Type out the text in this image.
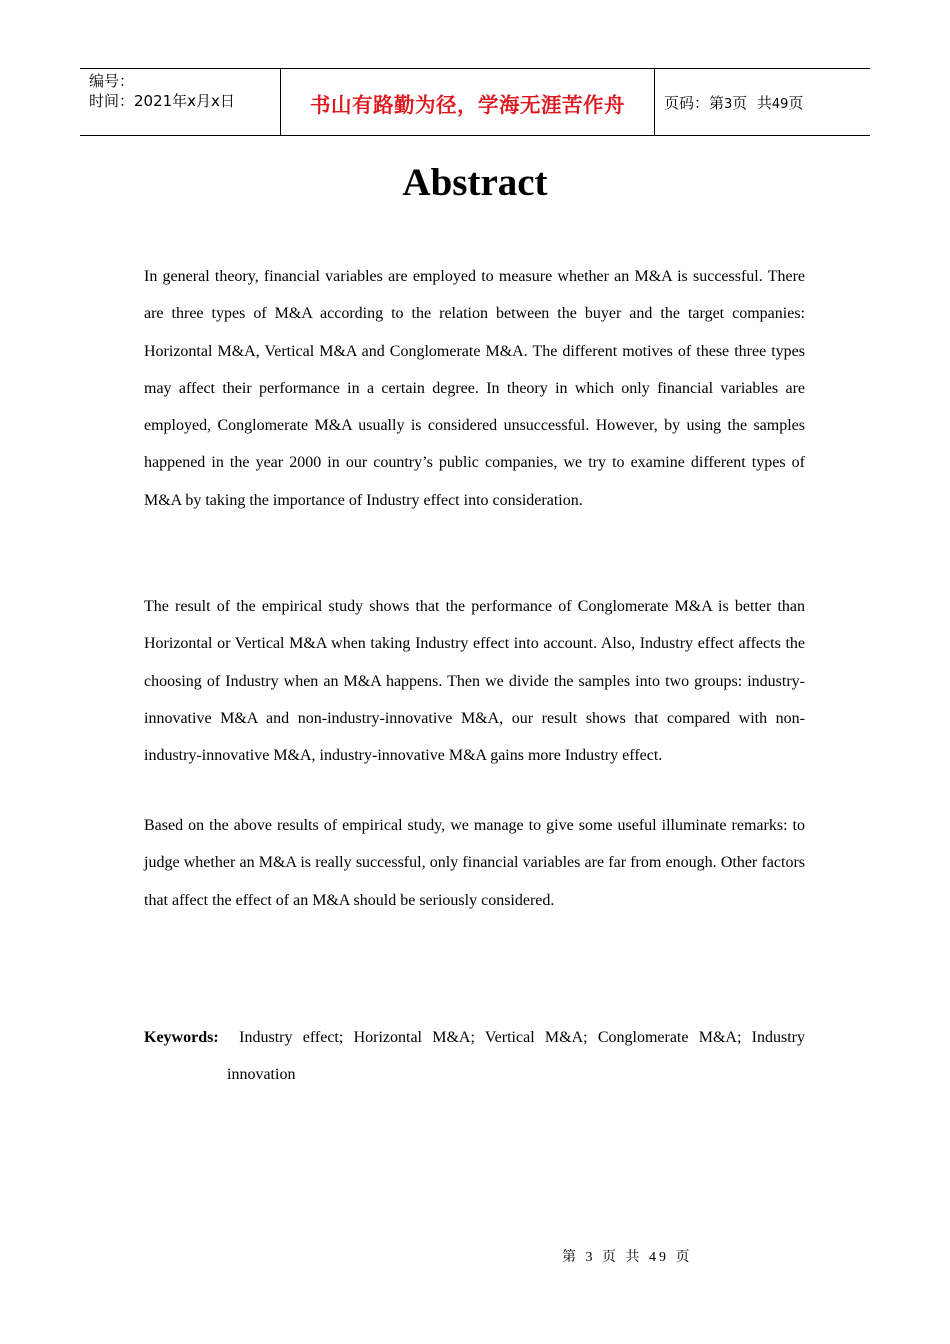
编号：
时间：2021年x月x日	书山有路勤为径，学海无涯苦作舟	页码：第 3 页  共 49 页
Abstract

In general theory, financial variables are employed to measure whether an M&A is successful. There are three types of M&A according to the relation between the buyer and the target companies: Horizontal M&A, Vertical M&A and Conglomerate M&A. The different motives of these three types may affect their performance in a certain degree. In theory in which only financial variables are employed, Conglomerate M&A usually is considered unsuccessful. However, by using the samples happened in the year 2000 in our country’s public companies, we try to examine different types of M&A by taking the importance of Industry effect into consideration.

The result of the empirical study shows that the performance of Conglomerate M&A is better than Horizontal or Vertical M&A when taking Industry effect into account. Also, Industry effect affects the choosing of Industry when an M&A happens. Then we divide the samples into two groups: industry-innovative M&A and non-industry-innovative M&A, our result shows that compared with non-industry-innovative M&A, industry-innovative M&A gains more Industry effect.

Based on the above results of empirical study, we manage to give some useful illuminate remarks: to judge whether an M&A is really successful, only financial variables are far from enough. Other factors that affect the effect of an M&A should be seriously considered.

Keywords: Industry effect; Horizontal M&A; Vertical M&A; Conglomerate M&A; Industry innovation

第 3 页 共 49 页
